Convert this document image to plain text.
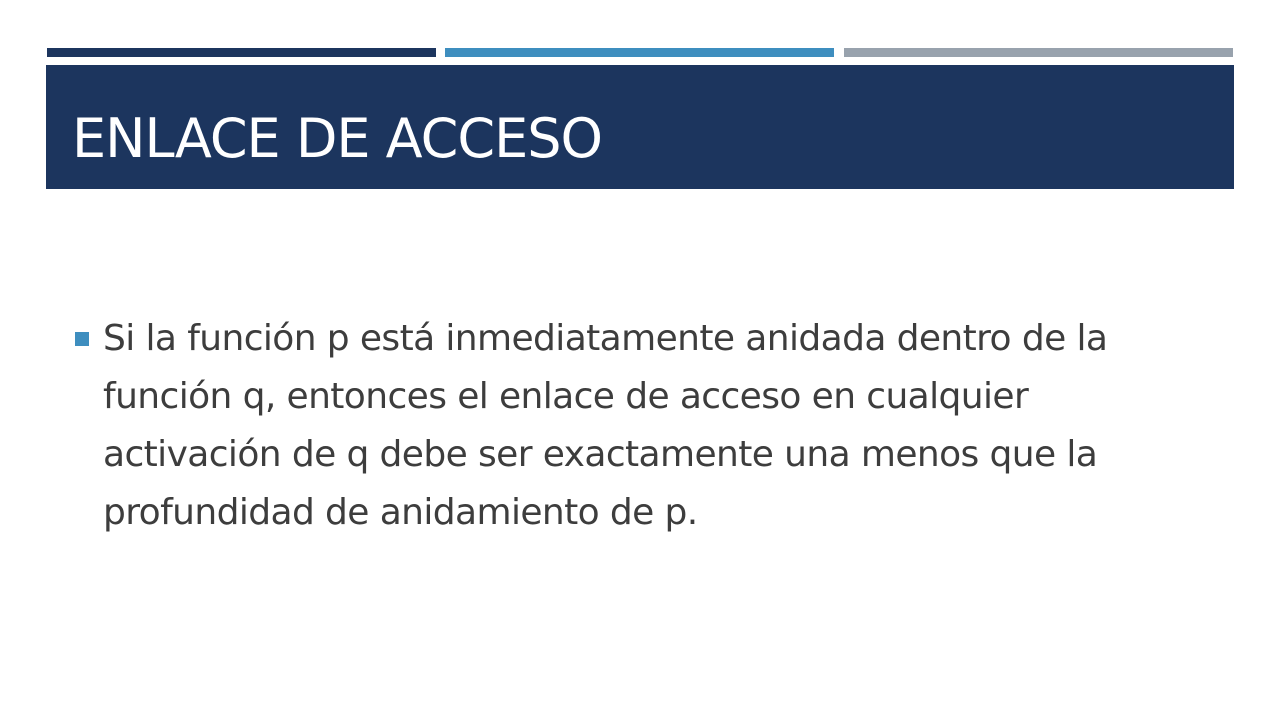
ENLACE DE ACCESO

Si la función p está inmediatamente anidada dentro de la función q, entonces el enlace de acceso en cualquier activación de q debe ser exactamente una menos que la profundidad de anidamiento de p.
